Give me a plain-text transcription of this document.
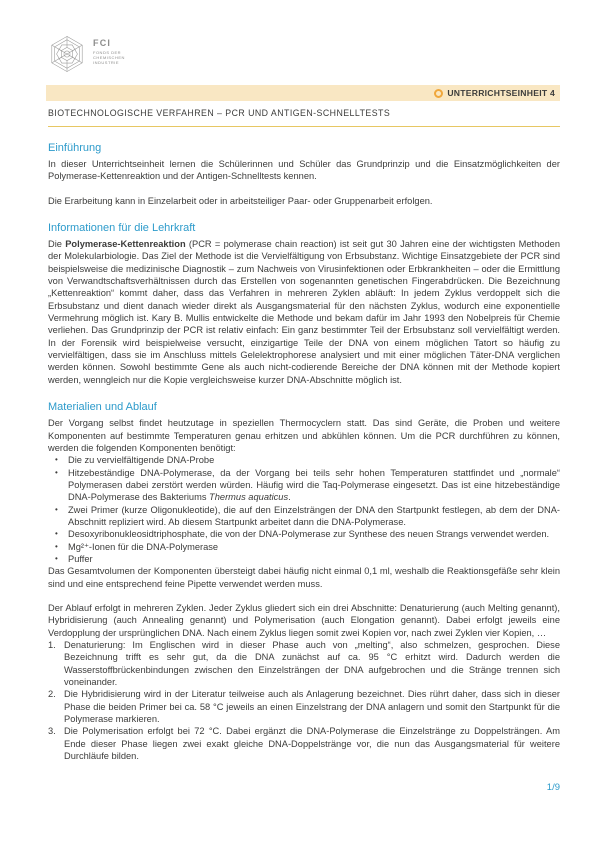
FCI
FONDS DER
CHEMISCHEN
INDUSTRIE
UNTERRICHTSEINHEIT 4
BIOTECHNOLOGISCHE VERFAHREN – PCR UND ANTIGEN-SCHNELLTESTS
Einführung

In dieser Unterrichtseinheit lernen die Schülerinnen und Schüler das Grundprinzip und die Einsatzmöglichkeiten der Polymerase-Kettenreaktion und der Antigen-Schnelltests kennen.

Die Erarbeitung kann in Einzelarbeit oder in arbeitsteiliger Paar- oder Gruppenarbeit erfolgen.

Informationen für die Lehrkraft

Die Polymerase-Kettenreaktion (PCR = polymerase chain reaction) ist seit gut 30 Jahren eine der wichtigsten Methoden der Molekularbiologie. Das Ziel der Methode ist die Vervielfältigung von Erbsubstanz. Wichtige Einsatzgebiete der PCR sind beispielsweise die medizinische Diagnostik – zum Nachweis von Virusinfektionen oder Erbkrankheiten – oder die Ermittlung von Verwandtschaftsverhältnissen durch das Erstellen von sogenannten genetischen Fingerabdrücken. Die Bezeichnung „Kettenreaktion“ kommt daher, dass das Verfahren in mehreren Zyklen abläuft: In jedem Zyklus verdoppelt sich die Erbsubstanz und dient danach wieder direkt als Ausgangsmaterial für den nächsten Zyklus, wodurch eine exponentielle Vermehrung möglich ist. Kary B. Mullis entwickelte die Methode und bekam dafür im Jahr 1993 den Nobelpreis für Chemie verliehen. Das Grundprinzip der PCR ist relativ einfach: Ein ganz bestimmter Teil der Erbsubstanz soll vervielfältigt werden. In der Forensik wird beispielweise versucht, einzigartige Teile der DNA von einem möglichen Tatort so häufig zu vervielfältigen, dass sie im Anschluss mittels Gelelektrophorese analysiert und mit einer möglichen Täter-DNA verglichen werden können. Sowohl bestimmte Gene als auch nicht-codierende Bereiche der DNA können mit der Methode kopiert werden, wenngleich nur die Kopie vergleichsweise kurzer DNA-Abschnitte möglich ist.

Materialien und Ablauf

Der Vorgang selbst findet heutzutage in speziellen Thermocyclern statt. Das sind Geräte, die Proben und weitere Komponenten auf bestimmte Temperaturen genau erhitzen und abkühlen können. Um die PCR durchführen zu können, werden die folgenden Komponenten benötigt:

• Die zu vervielfältigende DNA-Probe
• Hitzebeständige DNA-Polymerase, da der Vorgang bei teils sehr hohen Temperaturen stattfindet und „normale“ Polymerasen dabei zerstört werden würden. Häufig wird die Taq-Polymerase eingesetzt. Das ist eine hitzebeständige DNA-Polymerase des Bakteriums Thermus aquaticus.
• Zwei Primer (kurze Oligonukleotide), die auf den Einzelsträngen der DNA den Startpunkt festlegen, ab dem der DNA-Abschnitt repliziert wird. Ab diesem Startpunkt arbeitet dann die DNA-Polymerase.
• Desoxyribonukleosidtriphosphate, die von der DNA-Polymerase zur Synthese des neuen Strangs verwendet werden.
• Mg²⁺-Ionen für die DNA-Polymerase
• Puffer

Das Gesamtvolumen der Komponenten übersteigt dabei häufig nicht einmal 0,1 ml, weshalb die Reaktionsgefäße sehr klein sind und eine entsprechend feine Pipette verwendet werden muss.

Der Ablauf erfolgt in mehreren Zyklen. Jeder Zyklus gliedert sich ein drei Abschnitte: Denaturierung (auch Melting genannt), Hybridisierung (auch Annealing genannt) und Polymerisation (auch Elongation genannt). Dabei erfolgt jeweils eine Verdopplung der ursprünglichen DNA. Nach einem Zyklus liegen somit zwei Kopien vor, nach zwei Zyklen vier Kopien, …

1. Denaturierung: Im Englischen wird in dieser Phase auch von „melting“, also schmelzen, gesprochen. Diese Bezeichnung trifft es sehr gut, da die DNA zunächst auf ca. 95 °C erhitzt wird. Dadurch werden die Wasserstoffbrückenbindungen zwischen den Einzelsträngen der DNA aufgebrochen und die Stränge trennen sich voneinander.
2. Die Hybridisierung wird in der Literatur teilweise auch als Anlagerung bezeichnet. Dies rührt daher, dass sich in dieser Phase die beiden Primer bei ca. 58 °C jeweils an einen Einzelstrang der DNA anlagern und somit den Startpunkt für die Polymerase markieren.
3. Die Polymerisation erfolgt bei 72 °C. Dabei ergänzt die DNA-Polymerase die Einzelstränge zu Doppelsträngen. Am Ende dieser Phase liegen zwei exakt gleiche DNA-Doppelstränge vor, die nun das Ausgangsmaterial für weitere Durchläufe bilden.
1/9
